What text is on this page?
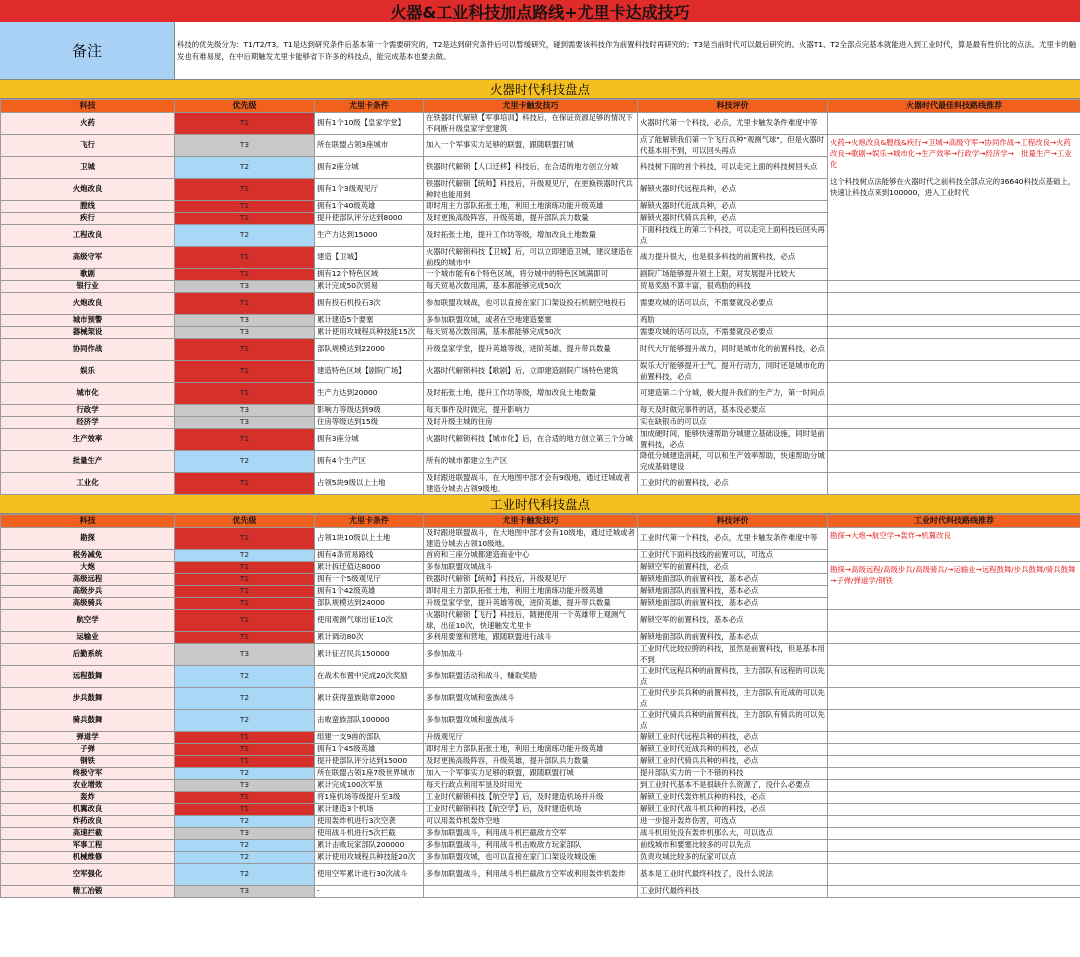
火器&工业科技加点路线+尤里卡达成技巧
备注	科技的优先级分为：T1/T2/T3。T1是达到研究条件后基本第一个需要研究的，T2是达到研究条件后可以暂缓研究，碰到需要该科技作为前置科技时再研究的；T3是当前时代可以最后研究的。火器T1、T2全部点完基本就能进入到工业时代，算是最有性价比的点法。尤里卡的触发也有难易度，在中后期触发尤里卡能够省下许多的科技点，能完成基本也要去做。
火器时代科技盘点
科技	优先级	尤里卡条件	尤里卡触发技巧	科技评价	火器时代最佳科技路线推荐
火药	T1	拥有1个10级【皇家学堂】	在铁器时代解锁【军事培训】科技后，在保证资源足够的情况下不间断升级皇家学堂建筑	火器时代第一个科技，必点，尤里卡触发条件难度中等	
飞行	T3	所在联盟占领3座城市	加入一个军事实力足够的联盟，跟随联盟打城	点了能解锁我们第一个飞行兵种"观测气球"，但是火器时代基本用不到，可以回头再点	火药→火炮改良&膛线&疾行→卫城→高级守军→协同作战→工程改良→火药改良→歌剧→娱乐→城市化→生产效率→行政学→经济学→　批量生产→工业化
这个科技树点法能够在火器时代之前科技全部点完的36640科技点基础上，快速让科技点来到100000，进入工业时代

卫城	T2	拥有2座分城	铁器时代解锁【人口迁移】科技后，在合适的地方创立分城	科技树下面的首个科技，可以走完上面的科技树回头点	
火炮改良	T1	拥有1个3级观见厅	铁器时代解锁【统帅】科技后，升级观见厅，在更换铁器时代兵种时也能用到	解锁火器时代远程兵种，必点	
膛线	T1	拥有1个40级英雄	即时用主力部队拓张土地，利用土地演练功能升级英雄	解锁火器时代近战兵种，必点	
疾行	T1	提升使部队评分达到8000	及时更换高级阵容，升级英雄，提升部队兵力数量	解锁火器时代骑兵兵种，必点	
工程改良	T2	生产力达到15000	及时拓张土地，提升工作坊等级，增加改良土地数量	下面科技线上的第二个科技，可以走完上面科技后回头再点	
高级守军	T1	建造【卫城】	火器时代解锁科技【卫城】后，可以立即建造卫城，建议建造在前线的城市中	战力提升很大，也是很多科技的前置科技，必点	
歌剧	T1	拥有12个特色区域	一个城市能有6个特色区域，将分城中的特色区域满即可	剧院广场能够提升领土上限，对发展提升比较大	
银行业	T3	累计完成50次贸易	每天贸易次数用满，基本都能够完成50次	贸易奖励不算丰富，很鸡肋的科技	
火炮改良	T1	拥有投石机投石3次	参加联盟攻城战，也可以直接在家门口架设投石机朝空地投石	需要攻城的话可以点，不需要就没必要点	
城市预警	T3	累计建造5个要塞	多参加联盟攻城，或者在空地建造要塞	鸡肋	
器械架设	T3	累计使用攻城程兵种技能15次	每天贸易次数用满，基本都能够完成50次	需要攻城的话可以点，不需要就没必要点	
协同作战	T1	部队规模达到22000	升级皇家学堂，提升英雄等级，进阶英雄，提升带兵数量	时代大厅能够提升战力，同时是城市化的前置科技，必点	
娱乐	T1	建造特色区域【剧院广场】	火器时代解锁科技【歌剧】后，立即建造剧院广场特色建筑	娱乐大厅能够提升士气，提升行动力，同时还是城市化的前置科技，必点	
城市化	T1	生产力达到20000	及时拓张土地，提升工作坊等级，增加改良土地数量	可建造第二个分城，极大提升我们的生产力，第一时间点	
行政学	T3	影响力等级达到9级	每天事件及时做完，提升影响力	每天及时做完事件的话，基本没必要点	
经济学	T3	住房等级达到15级	及时升级主城的住房	实在缺银币的可以点	
生产效率	T1	拥有3座分城	火器时代解锁科技【城市化】后，在合适的地方创立第三个分城	加成硬时间，能够快速帮助分城建立基础设施，同时是前置科技，必点	
批量生产	T2	拥有4个生产区	所有的城市都建立生产区	降低分城建造消耗，可以和生产效率帮助，快速帮助分城完成基础建设	
工业化	T1	占领5块9级以上土地	及时跟进联盟战斗，在大地图中部才会有9级地，通过迁城或者建造分城去占领9级地。	工业时代的前置科技，必点	
工业时代科技盘点
科技	优先级	尤里卡条件	尤里卡触发技巧	科技评价	工业时代科技路线推荐
勘探	T1	占领1块10级以上土地	及时跟进联盟战斗，在大地图中部才会有10级地，通过迁城或者建造分城去占领10级地。	工业时代第一个科技，必点，尤里卡触发条件难度中等	勘探→大炮→航空学→轰炸→机翼改良

税务减免	T2	拥有4条贸易路线	首府和三座分城都建造商业中心	工业时代下面科技线的前置可以，可选点	
大炮	T1	累计拆迁值达8000	多参加联盟攻城战斗	解锁空军的前置科技，必点	勘探→高级远程/高级步兵/高级骑兵/→运输业→远程鼓舞/步兵鼓舞/骑兵鼓舞→子弹/弹道学/钢铁

高级远程	T1	拥有一个5级观见厅	铁器时代解锁【统帅】科技后，升级观见厅	解锁地面部队的前置科技，基本必点	
高级步兵	T1	拥有1个42级英雄	即时用主力部队拓张土地，利用土地演练功能升级英雄	解锁地面部队的前置科技，基本必点	
高级骑兵	T1	部队规模达到24000	升级皇家学堂，提升英雄等级，进阶英雄，提升带兵数量	解锁地面部队的前置科技，基本必点	
航空学	T1	使用观测气球出征10次	火器时代解锁【飞行】科技后，随便使用一个英雄带上观测气球，出征10次，快速触发尤里卡	解锁空军的前置科技，基本必点	
运输业	T1	累计调动80次	多利用要塞和营地，跟随联盟进行战斗	解锁地面部队的前置科技，基本必点	
后勤系统	T3	累计征召民兵150000	多参加战斗	工业时代比较拉胯的科技，虽然是前置科技，但是基本用不到	
远程鼓舞	T2	在战术布置中完成20次奖励	多参加联盟活动和战斗，赚取奖励	工业时代远程兵种的前置科技，主力部队有远程的可以先点	
步兵鼓舞	T2	累计获得蛮族勋章2000	多参加联盟攻城和蛮族战斗	工业时代步兵兵种的前置科技，主力部队有近战的可以先点	
骑兵鼓舞	T2	击败蛮族部队100000	多参加联盟攻城和蛮族战斗	工业时代骑兵兵种的前置科技，主力部队有骑兵的可以先点	
弹道学	T1	组建一支9兽的部队	升级观见厅	解锁工业时代远程兵种的科技，必点	
子弹	T1	拥有1个45级英雄	即时用主力部队拓张土地，利用土地演练功能升级英雄	解锁工业时代近战兵种的科技，必点	
钢铁	T1	提升使部队评分达到15000	及时更换高级阵容，升级英雄，提升部队兵力数量	解锁工业时代骑兵兵种的科技，必点	
终极守军	T2	所在联盟占领1座7级世界城市	加入一个军事实力足够的联盟，跟随联盟打城	提升部队实力的一个不错的科技	
农业增效	T3	累计完成100次军垦	每天行政点利用军垦及时用光	到工业时代基本不是很缺什么资源了，没什么必要点	
轰炸	T1	将1座机场等级提升至3级	工业时代解锁科技【航空学】后，及时建造机场并升级	解锁工业时代轰炸机兵种的科技，必点	
机翼改良	T1	累计建造3个机场	工业时代解锁科技【航空学】后，及时建造机场	解锁工业时代战斗机兵种的科技，必点	
炸药改良	T2	使用轰炸机进行3次空袭	可以用轰炸机轰炸空地	进一步提升轰炸伤害，可选点	
高速拦截	T3	使用战斗机进行5次拦截	多参加联盟战斗，利用战斗机拦截敌方空军	战斗机用处没有轰炸机那么大，可以选点	
军事工程	T2	累计击败玩家部队200000	多参加联盟战斗，利用战斗机击败敌方玩家部队	前线城市和要塞比较多的可以先点	
机械维修	T2	累计使用攻城程兵种技能20次	多参加联盟攻城，也可以直接在家门口架设攻城设施	负责攻城比较多的玩家可以点	
空军强化	T2	使用空军累计进行30次战斗	多参加联盟战斗，利用战斗机拦截敌方空军或利用轰炸机轰炸	基本是工业时代最终科技了，没什么说法	
精工冶锻	T3	-		工业时代最终科技	
